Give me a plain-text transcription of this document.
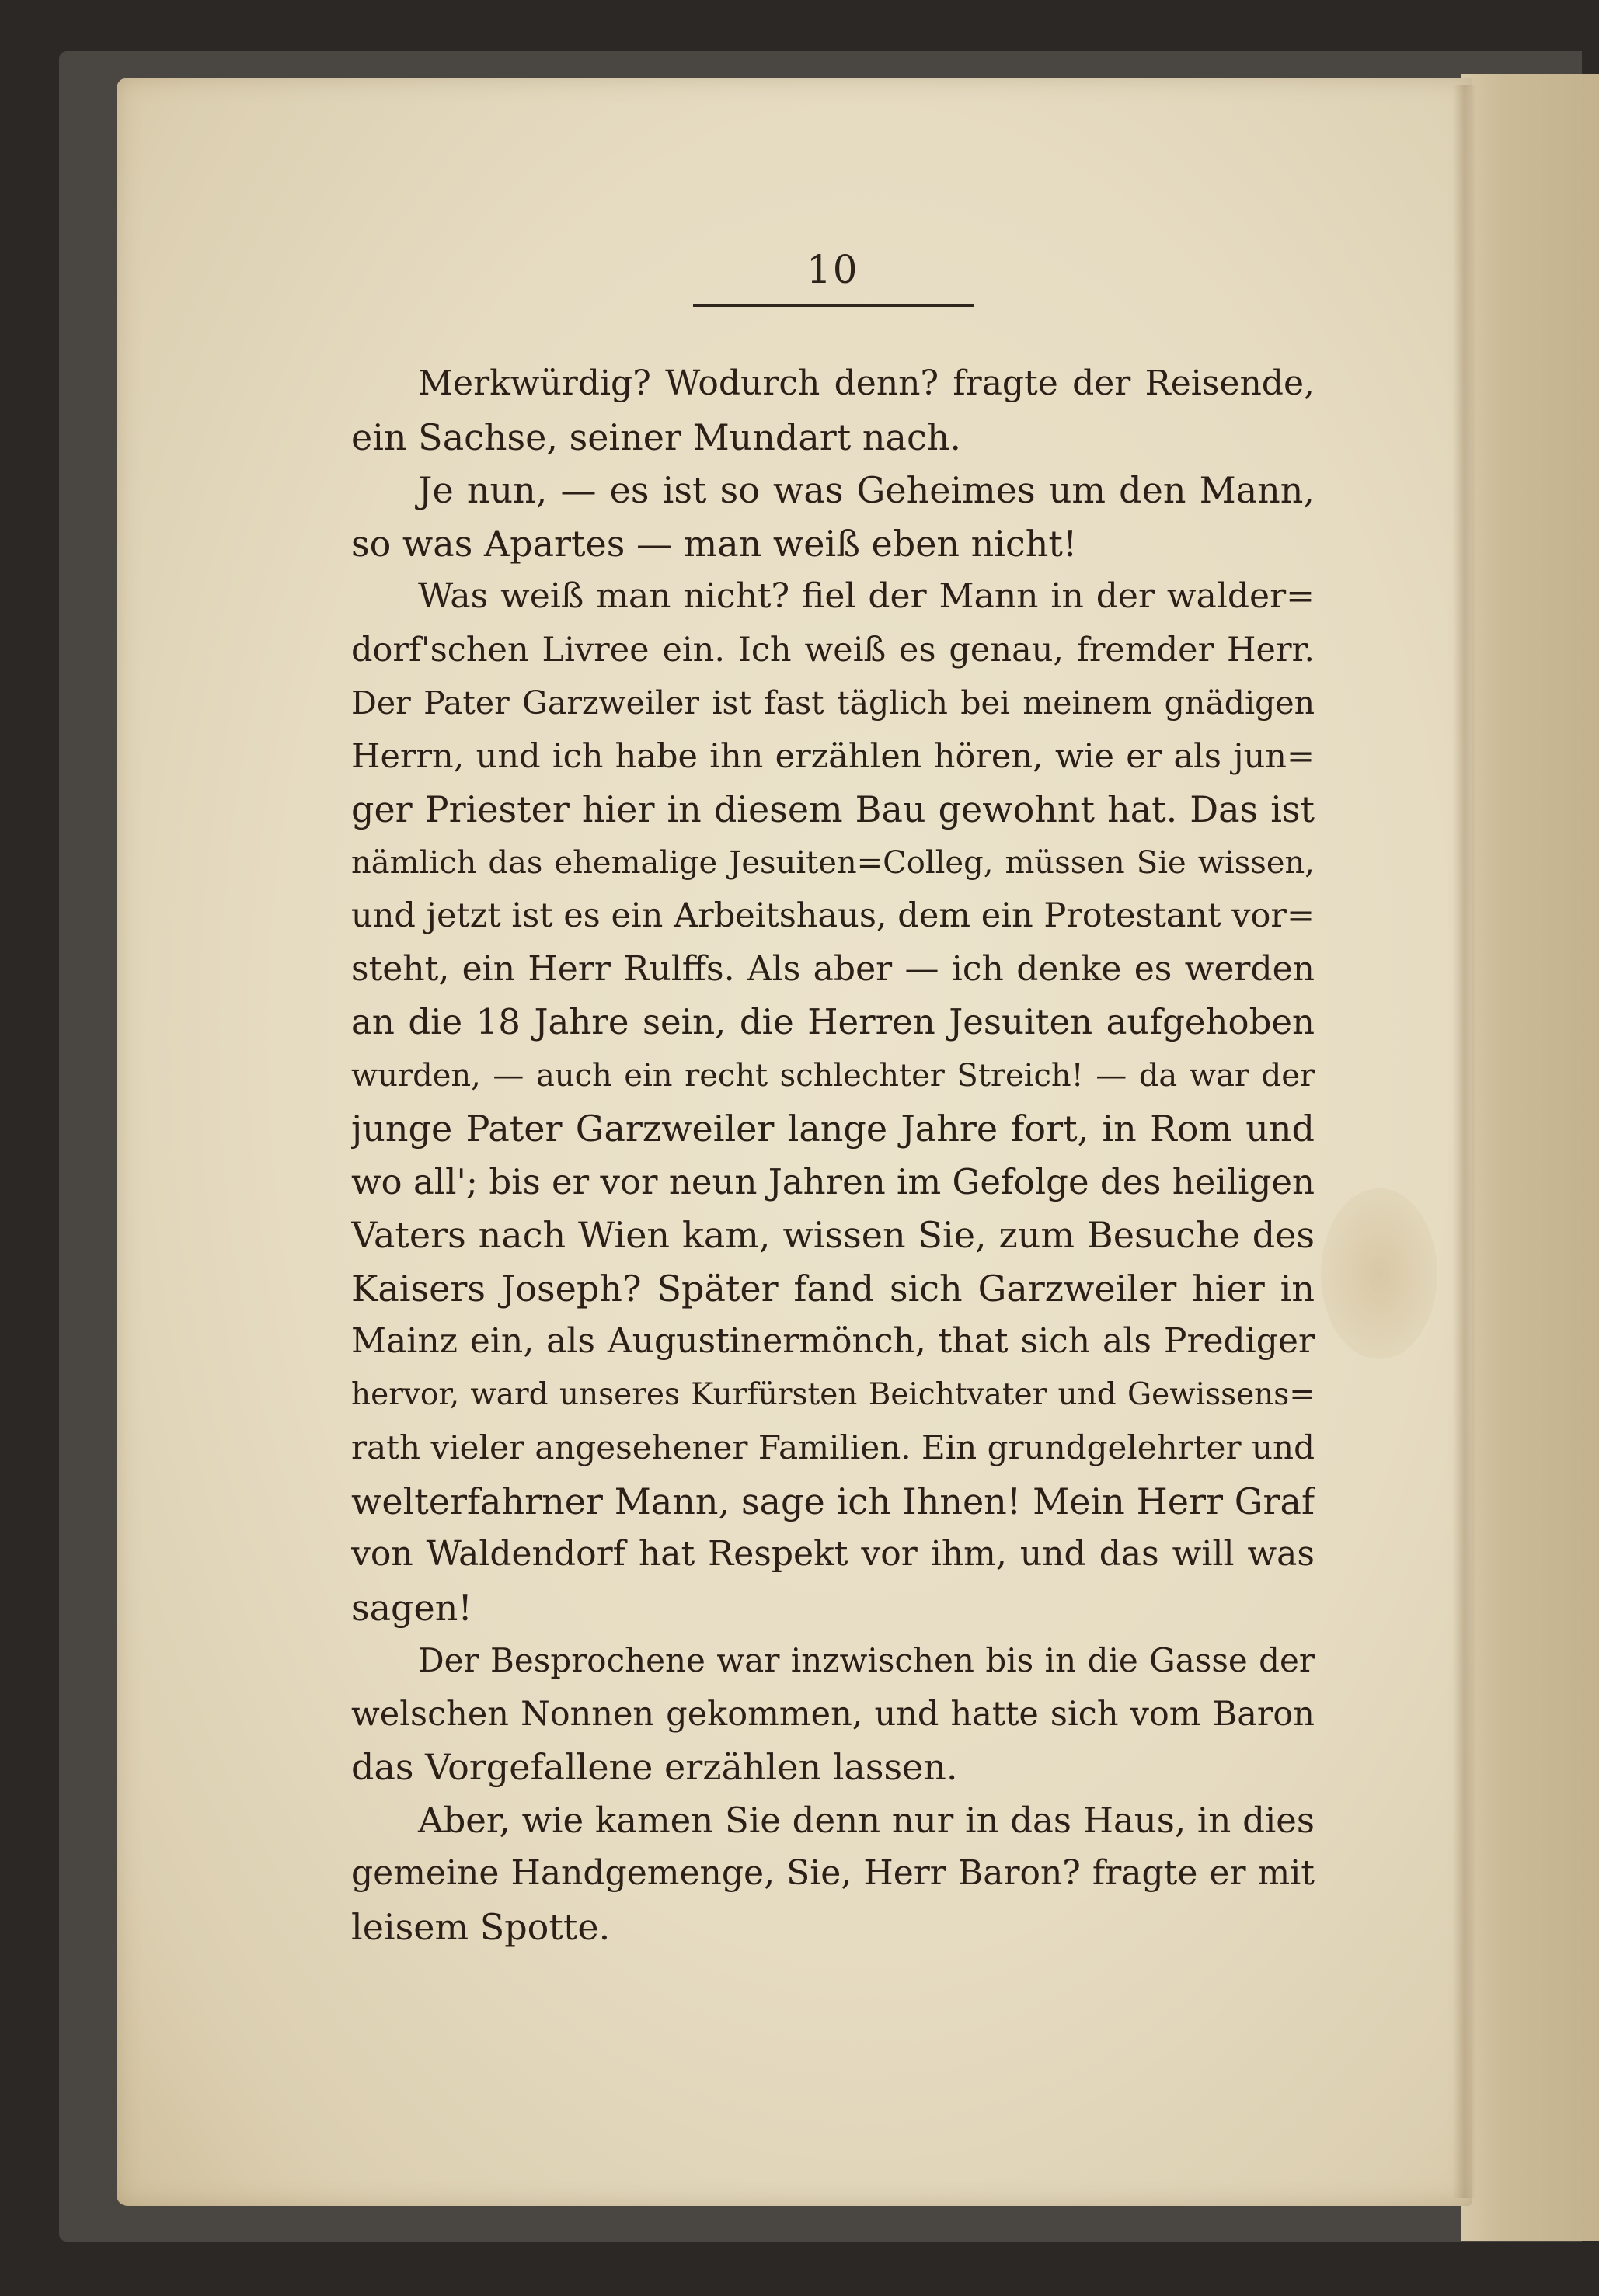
10
Merkwürdig? Wodurch denn? fragte der Reisende,
ein Sachse, seiner Mundart nach.
Je nun, — es ist so was Geheimes um den Mann,
so was Apartes — man weiß eben nicht!
Was weiß man nicht? fiel der Mann in der walder=
dorf'schen Livree ein. Ich weiß es genau, fremder Herr.
Der Pater Garzweiler ist fast täglich bei meinem gnädigen
Herrn, und ich habe ihn erzählen hören, wie er als jun=
ger Priester hier in diesem Bau gewohnt hat. Das ist
nämlich das ehemalige Jesuiten=Colleg, müssen Sie wissen,
und jetzt ist es ein Arbeitshaus, dem ein Protestant vor=
steht, ein Herr Rulffs. Als aber — ich denke es werden
an die 18 Jahre sein, die Herren Jesuiten aufgehoben
wurden, — auch ein recht schlechter Streich! — da war der
junge Pater Garzweiler lange Jahre fort, in Rom und
wo all'; bis er vor neun Jahren im Gefolge des heiligen
Vaters nach Wien kam, wissen Sie, zum Besuche des
Kaisers Joseph? Später fand sich Garzweiler hier in
Mainz ein, als Augustinermönch, that sich als Prediger
hervor, ward unseres Kurfürsten Beichtvater und Gewissens=
rath vieler angesehener Familien. Ein grundgelehrter und
welterfahrner Mann, sage ich Ihnen! Mein Herr Graf
von Waldendorf hat Respekt vor ihm, und das will was
sagen!
Der Besprochene war inzwischen bis in die Gasse der
welschen Nonnen gekommen, und hatte sich vom Baron
das Vorgefallene erzählen lassen.
Aber, wie kamen Sie denn nur in das Haus, in dies
gemeine Handgemenge, Sie, Herr Baron? fragte er mit
leisem Spotte.
